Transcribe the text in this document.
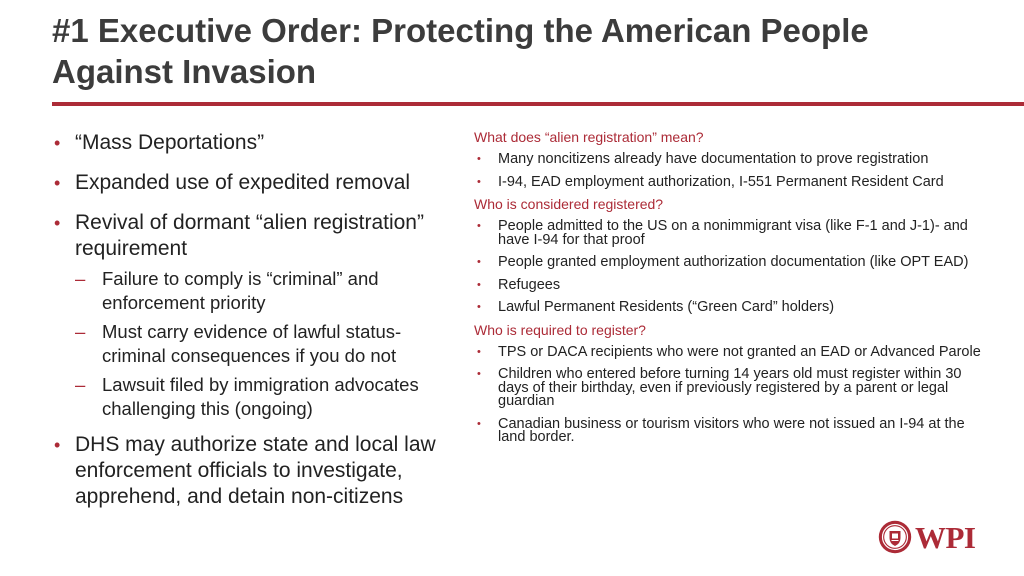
#1 Executive Order: Protecting the American People Against Invasion
• “Mass Deportations”
• Expanded use of expedited removal
• Revival of dormant “alien registration” requirement
– Failure to comply is “criminal” and enforcement priority
– Must carry evidence of lawful status- criminal consequences if you do not
– Lawsuit filed by immigration advocates challenging this (ongoing)
• DHS may authorize state and local law enforcement officials to investigate, apprehend, and detain non-citizens
What does “alien registration” mean?
• Many noncitizens already have documentation to prove registration
• I-94, EAD employment authorization, I-551 Permanent Resident Card
Who is considered registered?
• People admitted to the US on a nonimmigrant visa (like F-1 and J-1)- and have I-94 for that proof
• People granted employment authorization documentation (like OPT EAD)
• Refugees
• Lawful Permanent Residents (“Green Card” holders)
Who is required to register?
• TPS or DACA recipients who were not granted an EAD or Advanced Parole
• Children who entered before turning 14 years old must register within 30 days of their birthday, even if previously registered by a parent or legal guardian
• Canadian business or tourism visitors who were not issued an I-94 at the land border.
WPI
